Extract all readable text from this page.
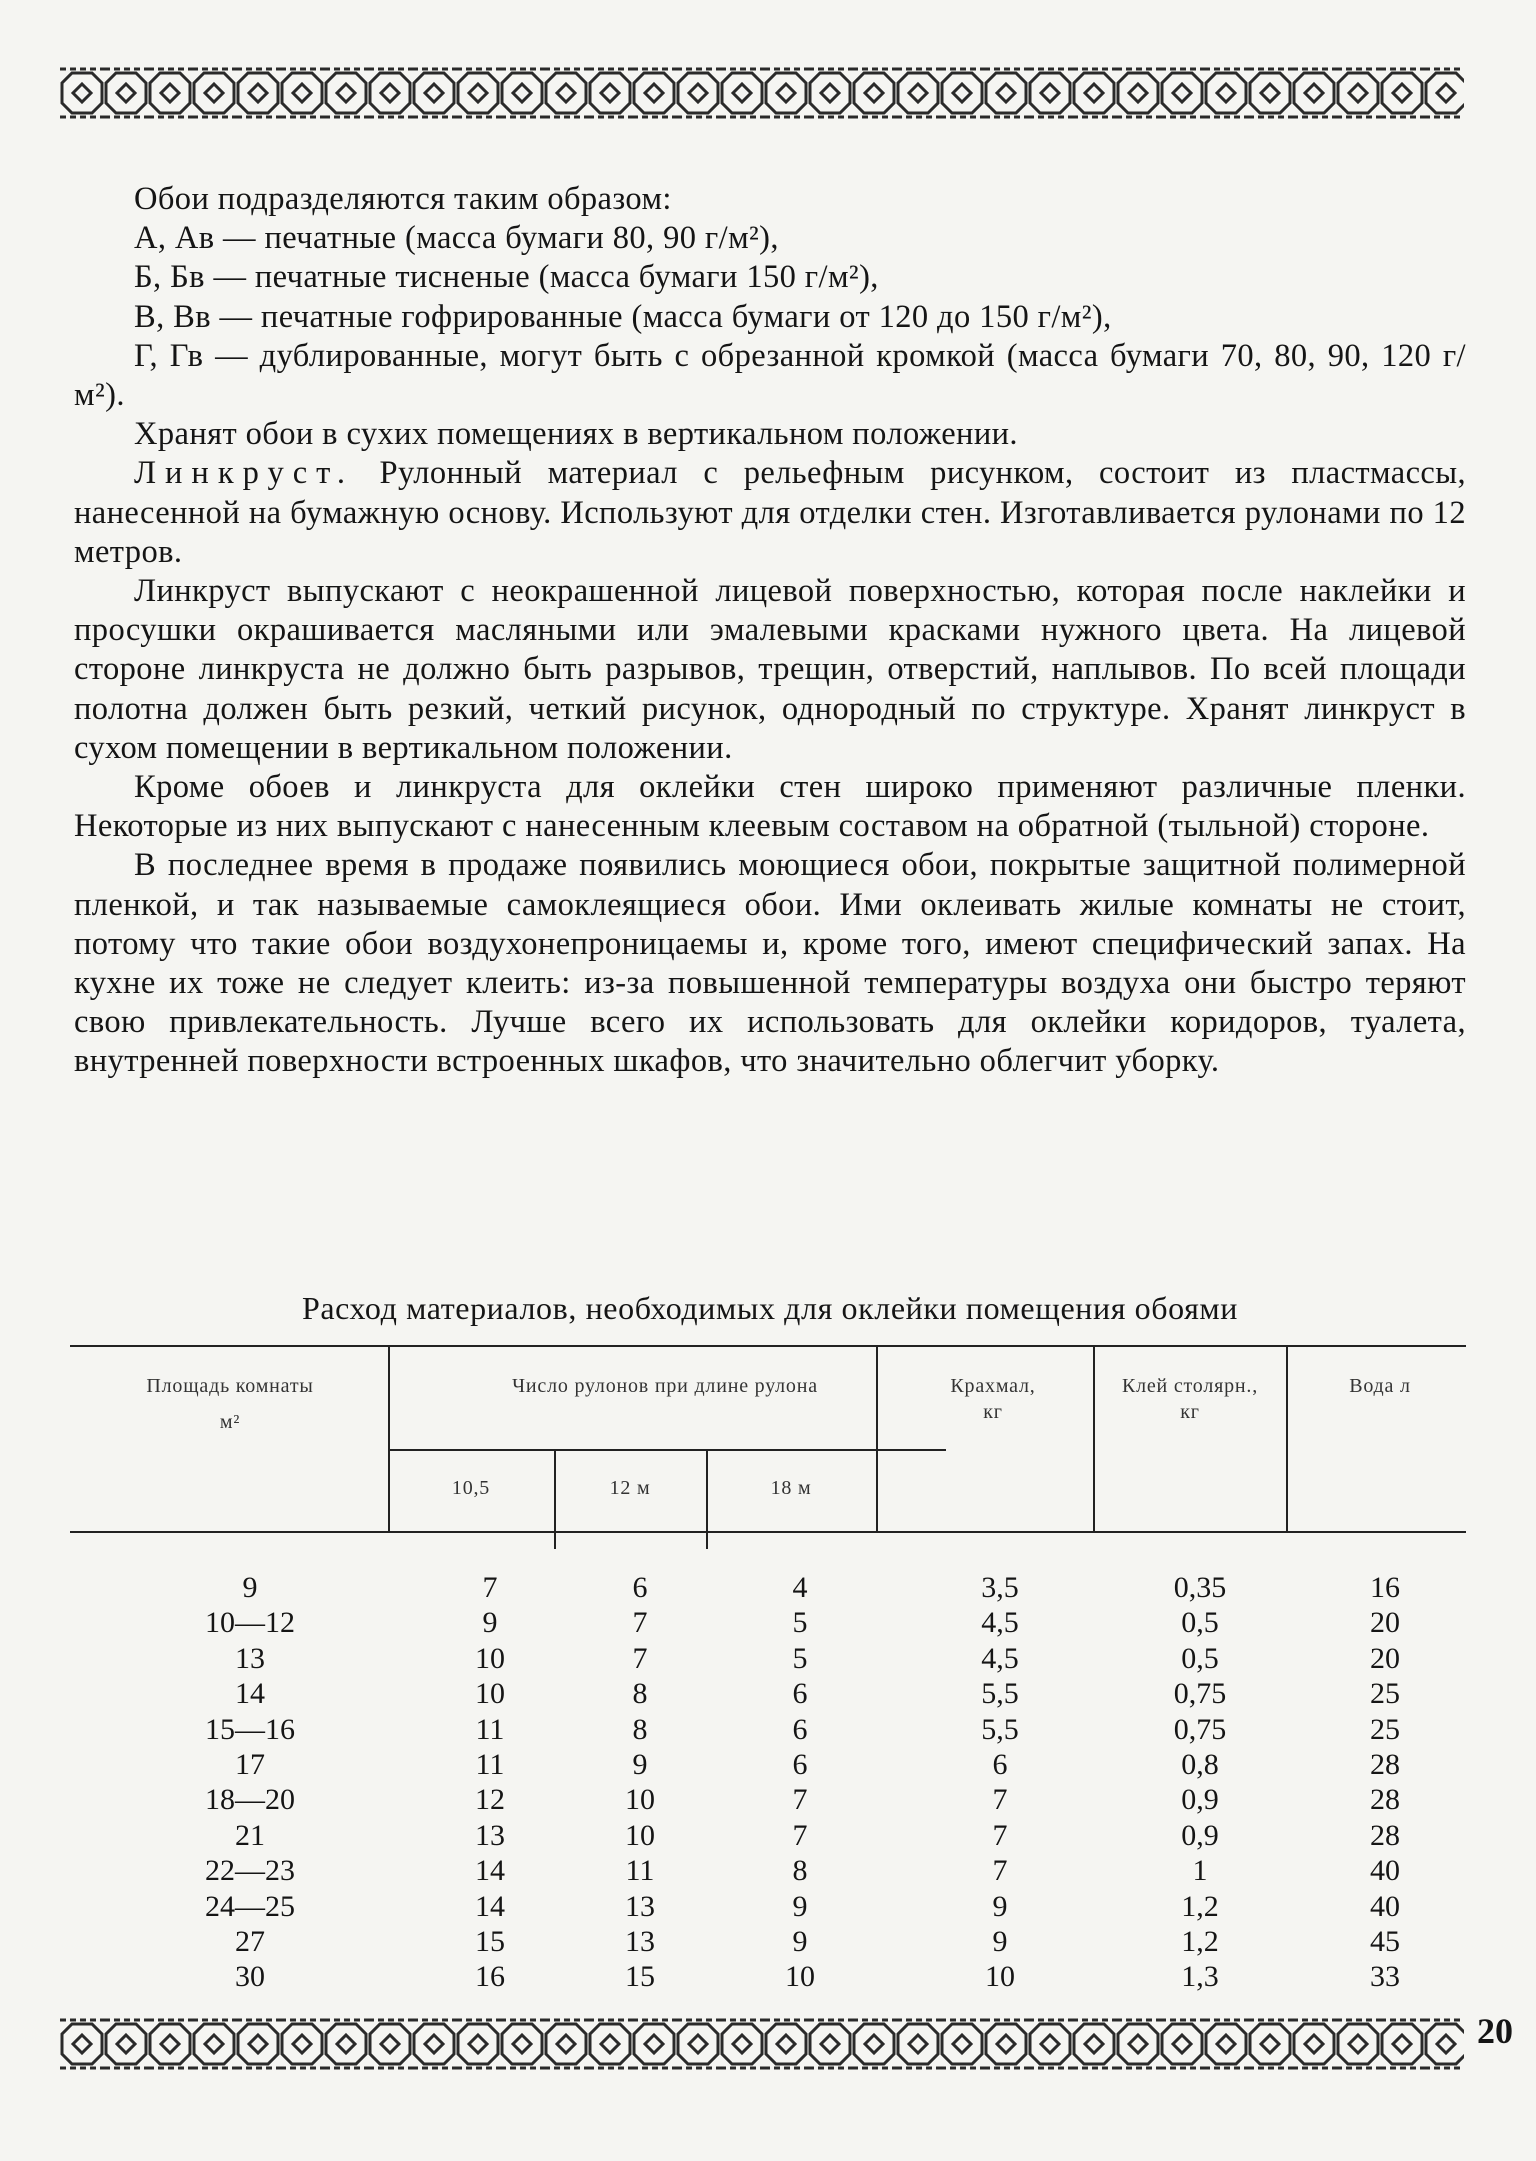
Обои подразделяются таким образом:

А, Ав — печатные (масса бумаги 80, 90 г/м²),

Б, Бв — печатные тисненые (масса бумаги 150 г/м²),

В, Вв — печатные гофрированные (масса бумаги от 120 до 150 г/м²),

Г, Гв — дублированные, могут быть с обрезанной кромкой (масса бумаги 70, 80, 90, 120 г/м²).

Хранят обои в сухих помещениях в вертикальном положении.

Линкруст. Рулонный материал с рельефным рисунком, состоит из пластмассы, нанесенной на бумажную основу. Используют для отделки стен. Изготавливается рулонами по 12 метров.

Линкруст выпускают с неокрашенной лицевой поверхностью, которая после наклейки и просушки окрашивается масляными или эмалевыми красками нужного цвета. На лицевой стороне линкруста не должно быть разрывов, трещин, отверстий, наплывов. По всей площади полотна должен быть резкий, четкий рисунок, однородный по структуре. Хранят линкруст в сухом помещении в вертикальном положении.

Кроме обоев и линкруста для оклейки стен широко применяют различные пленки. Некоторые из них выпускают с нанесенным клеевым составом на обратной (тыльной) стороне.

В последнее время в продаже появились моющиеся обои, покрытые защитной полимерной пленкой, и так называемые самоклеящиеся обои. Ими оклеивать жилые комнаты не стоит, потому что такие обои воздухонепроницаемы и, кроме того, имеют специфический запах. На кухне их тоже не следует клеить: из-за повышенной температуры воздуха они быстро теряют свою привлекательность. Лучше всего их использовать для оклейки коридоров, туалета, внутренней поверхности встроенных шкафов, что значительно облегчит уборку.

Расход материалов, необходимых для оклейки помещения обоями
Площадь комнаты
м²
Число рулонов при длине рулона
10,5	12 м	18 м
Крахмал, кг
Клей столярн., кг
Вода л
9	7	6	4	3,5	0,35	16
10—12	9	7	5	4,5	0,5	20
13	10	7	5	4,5	0,5	20
14	10	8	6	5,5	0,75	25
15—16	11	8	6	5,5	0,75	25
17	11	9	6	6	0,8	28
18—20	12	10	7	7	0,9	28
21	13	10	7	7	0,9	28
22—23	14	11	8	7	1	40
24—25	14	13	9	9	1,2	40
27	15	13	9	9	1,2	45
30	16	15	10	10	1,3	33
20
